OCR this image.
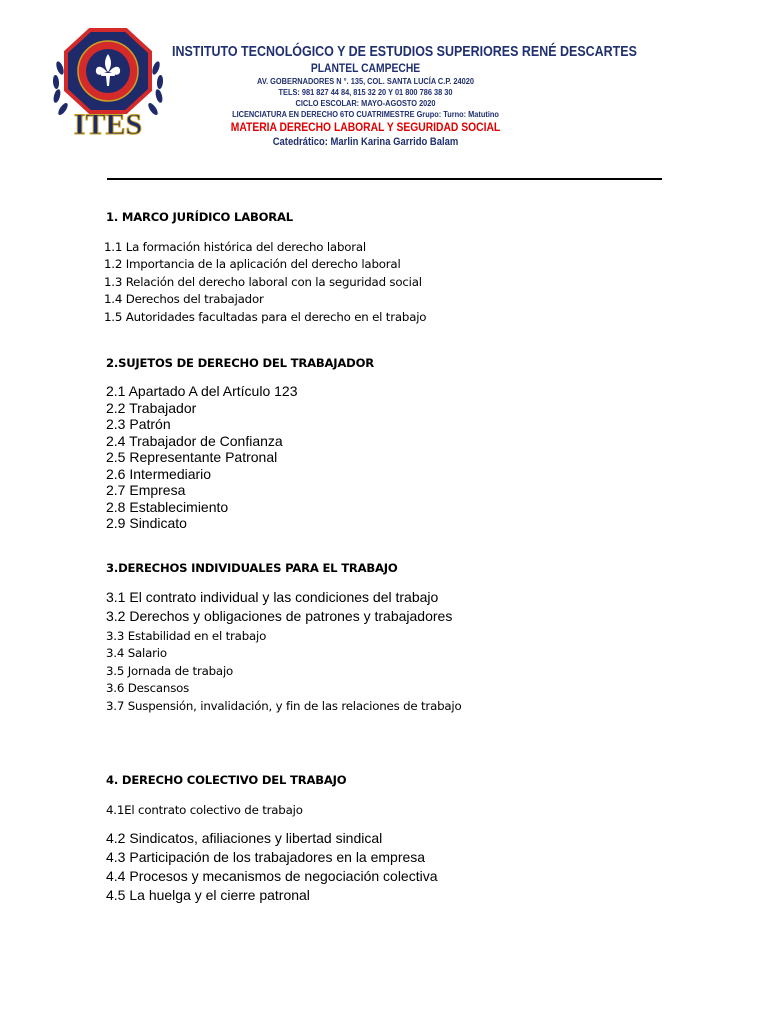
ITES
INSTITUTO TECNOLÓGICO Y DE ESTUDIOS SUPERIORES RENÉ DESCARTES
PLANTEL CAMPECHE
AV. GOBERNADORES N °. 135, COL. SANTA LUCÍA C.P. 24020
TELS: 981 827 44 84, 815 32 20 Y 01 800 786 38 30
CICLO ESCOLAR: MAYO-AGOSTO 2020
LICENCIATURA EN DERECHO 6TO CUATRIMESTRE Grupo: Turno: Matutino
MATERIA DERECHO LABORAL Y SEGURIDAD SOCIAL
Catedrático: Marlin Karina Garrido Balam
1. MARCO JURÍDICO LABORAL
1.1 La formación histórica del derecho laboral
1.2 Importancia de la aplicación del derecho laboral
1.3 Relación del derecho laboral con la seguridad social
1.4 Derechos del trabajador
1.5 Autoridades facultadas para el derecho en el trabajo
2.SUJETOS DE DERECHO DEL TRABAJADOR
2.1 Apartado A del Artículo 123
2.2 Trabajador
2.3 Patrón
2.4 Trabajador de Confianza
2.5 Representante Patronal
2.6 Intermediario
2.7 Empresa
2.8 Establecimiento
2.9 Sindicato
3.DERECHOS INDIVIDUALES PARA EL TRABAJO
3.1 El contrato individual y las condiciones del trabajo
3.2 Derechos y obligaciones de patrones y trabajadores
3.3 Estabilidad en el trabajo
3.4 Salario
3.5 Jornada de trabajo
3.6 Descansos
3.7 Suspensión, invalidación, y fin de las relaciones de trabajo
4. DERECHO COLECTIVO DEL TRABAJO
4.1El contrato colectivo de trabajo
4.2 Sindicatos, afiliaciones y libertad sindical
4.3 Participación de los trabajadores en la empresa
4.4 Procesos y mecanismos de negociación colectiva
4.5 La huelga y el cierre patronal
